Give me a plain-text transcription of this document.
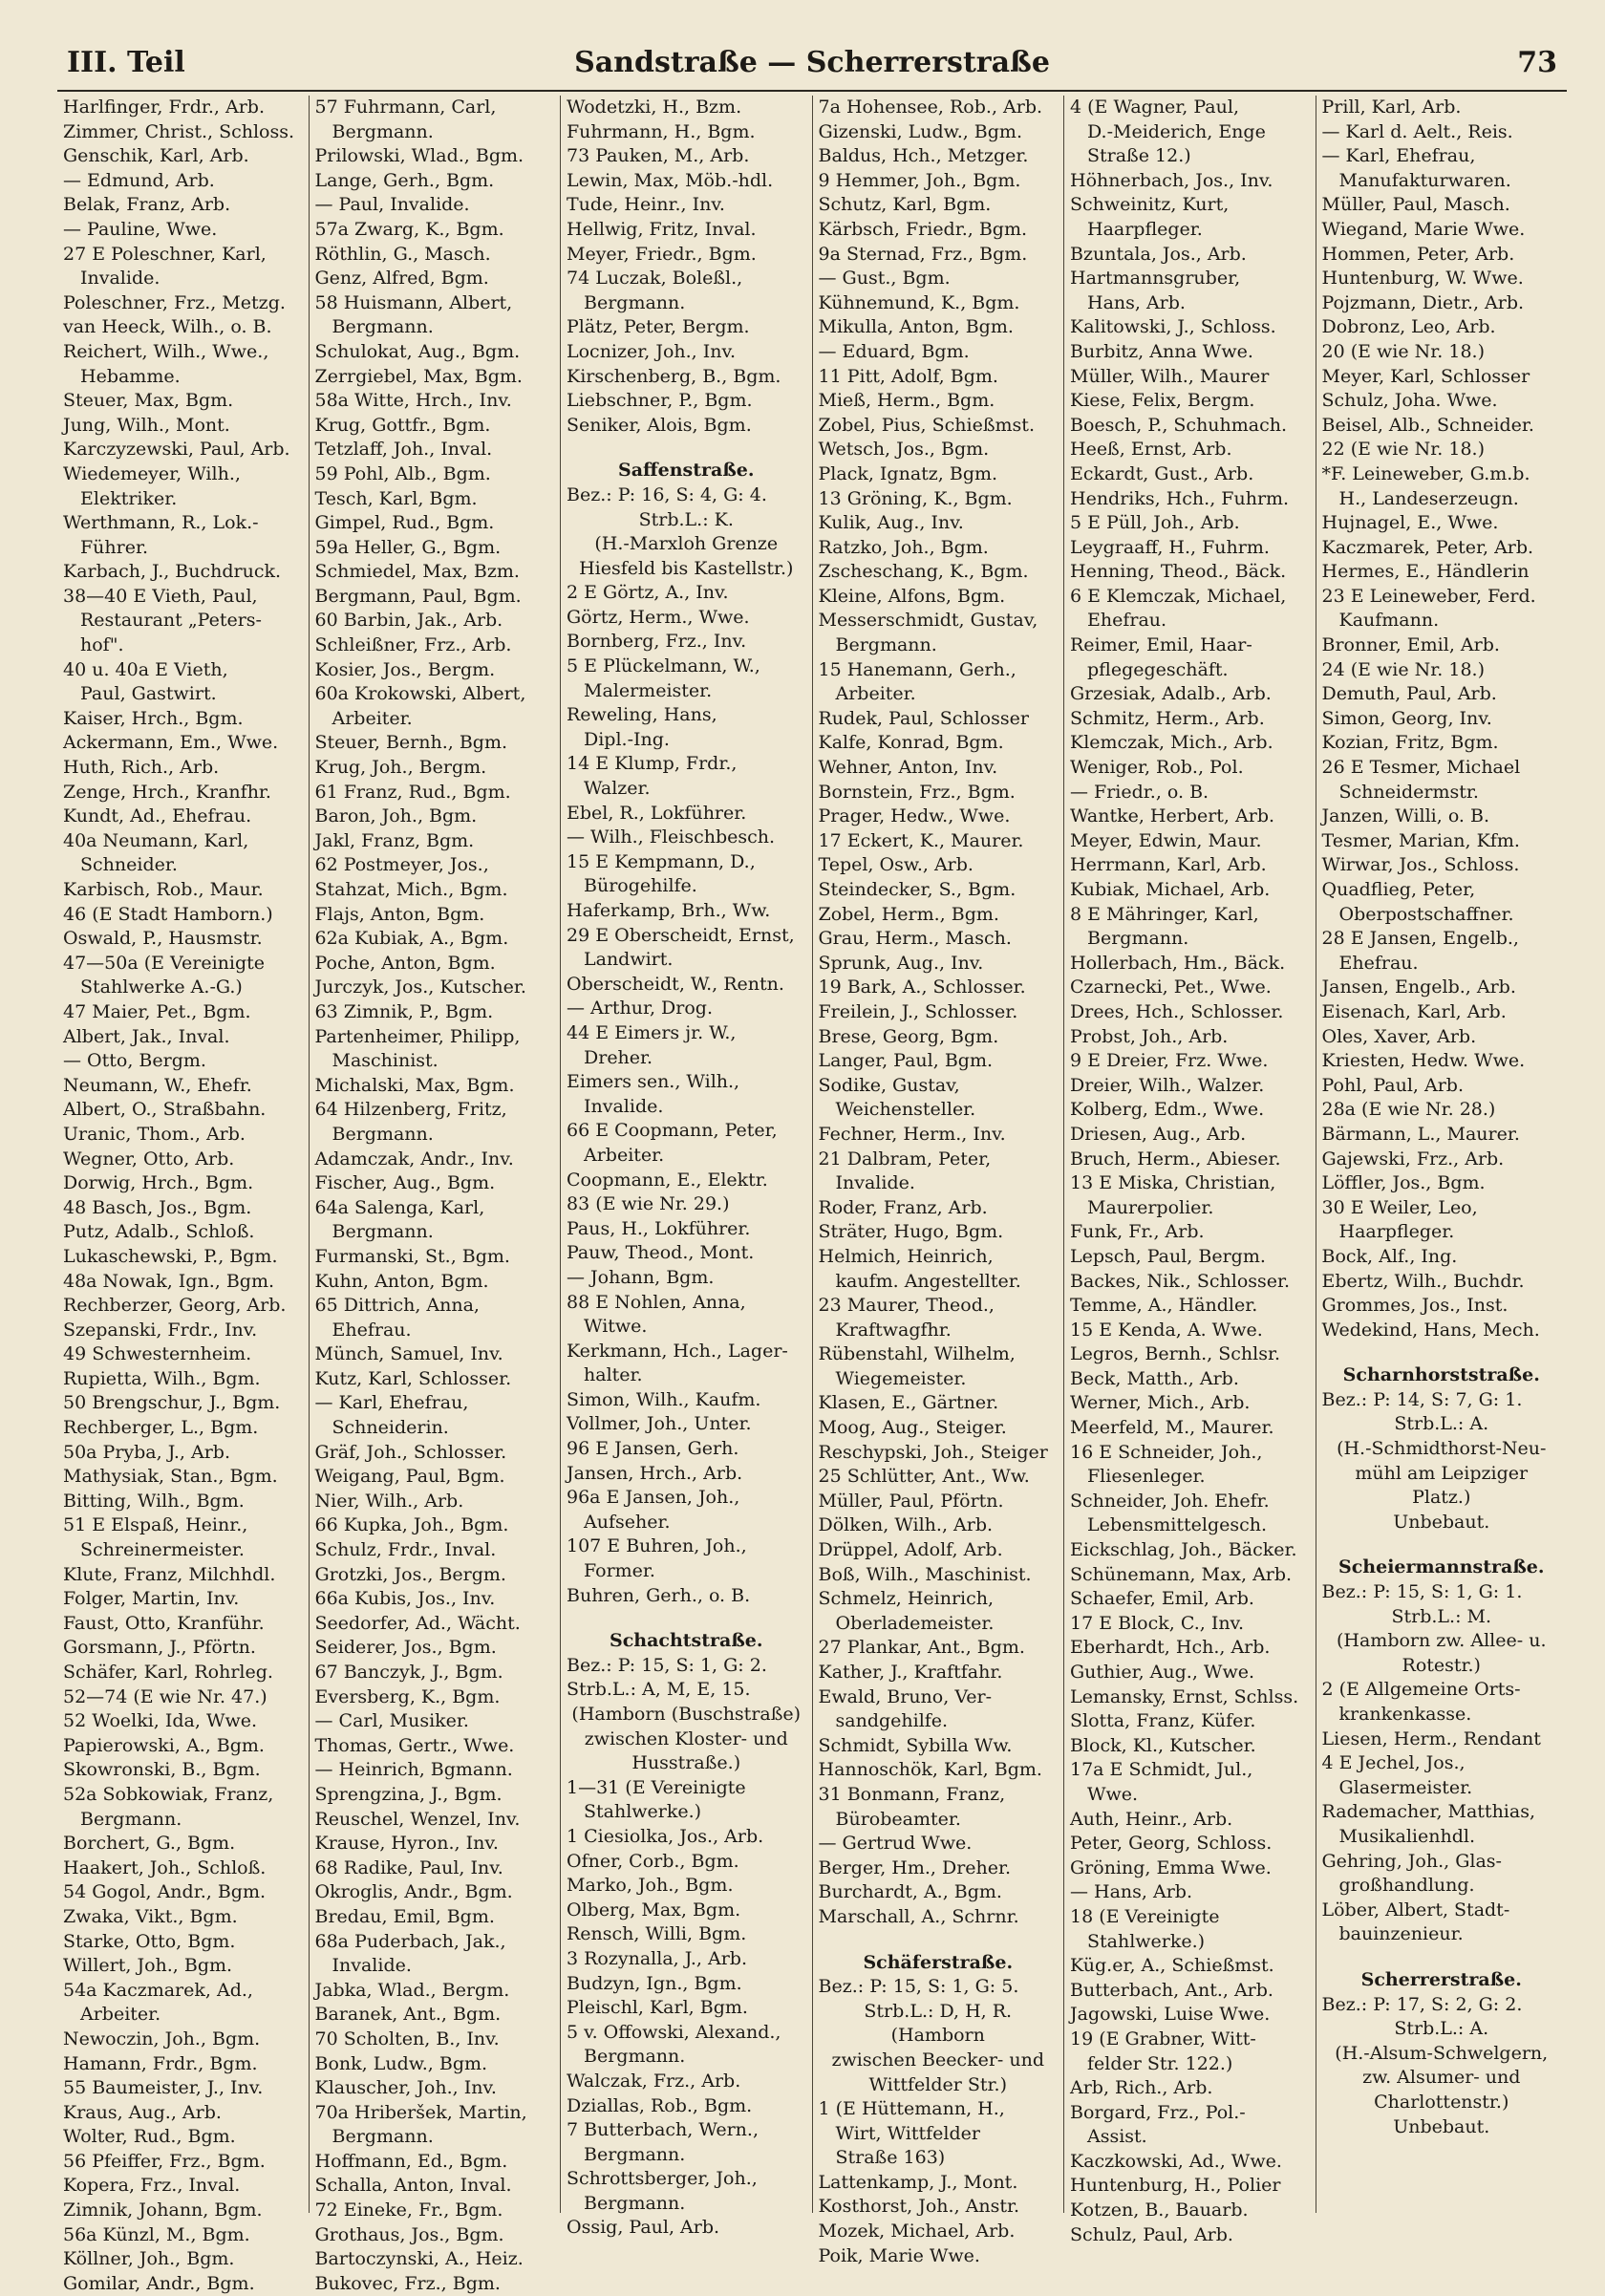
III. Teil	Sandstraße — Scherrerstraße	73
Harlfinger, Frdr., Arb.
Zimmer, Christ., Schloss.
Genschik, Karl, Arb.
— Edmund, Arb.
Belak, Franz, Arb.
— Pauline, Wwe.
27 E Poleschner, Karl,
Invalide.
Poleschner, Frz., Metzg.
van Heeck, Wilh., o. B.
Reichert, Wilh., Wwe.,
Hebamme.
Steuer, Max, Bgm.
Jung, Wilh., Mont.
Karczyzewski, Paul, Arb.
Wiedemeyer, Wilh.,
Elektriker.
Werthmann, R., Lok.-
Führer.
Karbach, J., Buchdruck.
38—40 E Vieth, Paul,
Restaurant „Peters-
hof".
40 u. 40a E Vieth,
Paul, Gastwirt.
Kaiser, Hrch., Bgm.
Ackermann, Em., Wwe.
Huth, Rich., Arb.
Zenge, Hrch., Kranfhr.
Kundt, Ad., Ehefrau.
40a Neumann, Karl,
Schneider.
Karbisch, Rob., Maur.
46 (E Stadt Hamborn.)
Oswald, P., Hausmstr.
47—50a (E Vereinigte
Stahlwerke A.-G.)
47 Maier, Pet., Bgm.
Albert, Jak., Inval.
— Otto, Bergm.
Neumann, W., Ehefr.
Albert, O., Straßbahn.
Uranic, Thom., Arb.
Wegner, Otto, Arb.
Dorwig, Hrch., Bgm.
48 Basch, Jos., Bgm.
Putz, Adalb., Schloß.
Lukaschewski, P., Bgm.
48a Nowak, Ign., Bgm.
Rechberzer, Georg, Arb.
Szepanski, Frdr., Inv.
49 Schwesternheim.
Rupietta, Wilh., Bgm.
50 Brengschur, J., Bgm.
Rechberger, L., Bgm.
50a Pryba, J., Arb.
Mathysiak, Stan., Bgm.
Bitting, Wilh., Bgm.
51 E Elspaß, Heinr.,
Schreinermeister.
Klute, Franz, Milchhdl.
Folger, Martin, Inv.
Faust, Otto, Kranführ.
Gorsmann, J., Pförtn.
Schäfer, Karl, Rohrleg.
52—74 (E wie Nr. 47.)
52 Woelki, Ida, Wwe.
Papierowski, A., Bgm.
Skowronski, B., Bgm.
52a Sobkowiak, Franz,
Bergmann.
Borchert, G., Bgm.
Haakert, Joh., Schloß.
54 Gogol, Andr., Bgm.
Zwaka, Vikt., Bgm.
Starke, Otto, Bgm.
Willert, Joh., Bgm.
54a Kaczmarek, Ad.,
Arbeiter.
Newoczin, Joh., Bgm.
Hamann, Frdr., Bgm.
55 Baumeister, J., Inv.
Kraus, Aug., Arb.
Wolter, Rud., Bgm.
56 Pfeiffer, Frz., Bgm.
Kopera, Frz., Inval.
Zimnik, Johann, Bgm.
56a Künzl, M., Bgm.
Köllner, Joh., Bgm.
Gomilar, Andr., Bgm.
57 Fuhrmann, Carl,
Bergmann.
Prilowski, Wlad., Bgm.
Lange, Gerh., Bgm.
— Paul, Invalide.
57a Zwarg, K., Bgm.
Röthlin, G., Masch.
Genz, Alfred, Bgm.
58 Huismann, Albert,
Bergmann.
Schulokat, Aug., Bgm.
Zerrgiebel, Max, Bgm.
58a Witte, Hrch., Inv.
Krug, Gottfr., Bgm.
Tetzlaff, Joh., Inval.
59 Pohl, Alb., Bgm.
Tesch, Karl, Bgm.
Gimpel, Rud., Bgm.
59a Heller, G., Bgm.
Schmiedel, Max, Bzm.
Bergmann, Paul, Bgm.
60 Barbin, Jak., Arb.
Schleißner, Frz., Arb.
Kosier, Jos., Bergm.
60a Krokowski, Albert,
Arbeiter.
Steuer, Bernh., Bgm.
Krug, Joh., Bergm.
61 Franz, Rud., Bgm.
Baron, Joh., Bgm.
Jakl, Franz, Bgm.
62 Postmeyer, Jos.,
Stahzat, Mich., Bgm.
Flajs, Anton, Bgm.
62a Kubiak, A., Bgm.
Poche, Anton, Bgm.
Jurczyk, Jos., Kutscher.
63 Zimnik, P., Bgm.
Partenheimer, Philipp,
Maschinist.
Michalski, Max, Bgm.
64 Hilzenberg, Fritz,
Bergmann.
Adamczak, Andr., Inv.
Fischer, Aug., Bgm.
64a Salenga, Karl,
Bergmann.
Furmanski, St., Bgm.
Kuhn, Anton, Bgm.
65 Dittrich, Anna,
Ehefrau.
Münch, Samuel, Inv.
Kutz, Karl, Schlosser.
— Karl, Ehefrau,
Schneiderin.
Gräf, Joh., Schlosser.
Weigang, Paul, Bgm.
Nier, Wilh., Arb.
66 Kupka, Joh., Bgm.
Schulz, Frdr., Inval.
Grotzki, Jos., Bergm.
66a Kubis, Jos., Inv.
Seedorfer, Ad., Wächt.
Seiderer, Jos., Bgm.
67 Banczyk, J., Bgm.
Eversberg, K., Bgm.
— Carl, Musiker.
Thomas, Gertr., Wwe.
— Heinrich, Bgmann.
Sprengzina, J., Bgm.
Reuschel, Wenzel, Inv.
Krause, Hyron., Inv.
68 Radike, Paul, Inv.
Okroglis, Andr., Bgm.
Bredau, Emil, Bgm.
68a Puderbach, Jak.,
Invalide.
Jabka, Wlad., Bergm.
Baranek, Ant., Bgm.
70 Scholten, B., Inv.
Bonk, Ludw., Bgm.
Klauscher, Joh., Inv.
70a Hriberšek, Martin,
Bergmann.
Hoffmann, Ed., Bgm.
Schalla, Anton, Inval.
72 Eineke, Fr., Bgm.
Grothaus, Jos., Bgm.
Bartoczynski, A., Heiz.
Bukovec, Frz., Bgm.
Wodetzki, H., Bzm.
Fuhrmann, H., Bgm.
73 Pauken, M., Arb.
Lewin, Max, Möb.-hdl.
Tude, Heinr., Inv.
Hellwig, Fritz, Inval.
Meyer, Friedr., Bgm.
74 Luczak, Boleßl.,
Bergmann.
Plätz, Peter, Bergm.
Locnizer, Joh., Inv.
Kirschenberg, B., Bgm.
Liebschner, P., Bgm.
Seniker, Alois, Bgm.
Saffenstraße.
Bez.: P: 16, S: 4, G: 4.
Strb.L.: K.
(H.-Marxloh Grenze
Hiesfeld bis Kastellstr.)
2 E Görtz, A., Inv.
Görtz, Herm., Wwe.
Bornberg, Frz., Inv.
5 E Plückelmann, W.,
Malermeister.
Reweling, Hans,
Dipl.-Ing.
14 E Klump, Frdr.,
Walzer.
Ebel, R., Lokführer.
— Wilh., Fleischbesch.
15 E Kempmann, D.,
Bürogehilfe.
Haferkamp, Brh., Ww.
29 E Oberscheidt, Ernst,
Landwirt.
Oberscheidt, W., Rentn.
— Arthur, Drog.
44 E Eimers jr. W.,
Dreher.
Eimers sen., Wilh.,
Invalide.
66 E Coopmann, Peter,
Arbeiter.
Coopmann, E., Elektr.
83 (E wie Nr. 29.)
Paus, H., Lokführer.
Pauw, Theod., Mont.
— Johann, Bgm.
88 E Nohlen, Anna,
Witwe.
Kerkmann, Hch., Lager-
halter.
Simon, Wilh., Kaufm.
Vollmer, Joh., Unter.
96 E Jansen, Gerh.
Jansen, Hrch., Arb.
96a E Jansen, Joh.,
Aufseher.
107 E Buhren, Joh.,
Former.
Buhren, Gerh., o. B.
Schachtstraße.
Bez.: P: 15, S: 1, G: 2.
Strb.L.: A, M, E, 15.
(Hamborn (Buschstraße)
zwischen Kloster- und
Husstraße.)
1—31 (E Vereinigte
Stahlwerke.)
1 Ciesiolka, Jos., Arb.
Ofner, Corb., Bgm.
Marko, Joh., Bgm.
Olberg, Max, Bgm.
Rensch, Willi, Bgm.
3 Rozynalla, J., Arb.
Budzyn, Ign., Bgm.
Pleischl, Karl, Bgm.
5 v. Offowski, Alexand.,
Bergmann.
Walczak, Frz., Arb.
Dziallas, Rob., Bgm.
7 Butterbach, Wern.,
Bergmann.
Schrottsberger, Joh.,
Bergmann.
Ossig, Paul, Arb.
7a Hohensee, Rob., Arb.
Gizenski, Ludw., Bgm.
Baldus, Hch., Metzger.
9 Hemmer, Joh., Bgm.
Schutz, Karl, Bgm.
Kärbsch, Friedr., Bgm.
9a Sternad, Frz., Bgm.
— Gust., Bgm.
Kühnemund, K., Bgm.
Mikulla, Anton, Bgm.
— Eduard, Bgm.
11 Pitt, Adolf, Bgm.
Mieß, Herm., Bgm.
Zobel, Pius, Schießmst.
Wetsch, Jos., Bgm.
Plack, Ignatz, Bgm.
13 Gröning, K., Bgm.
Kulik, Aug., Inv.
Ratzko, Joh., Bgm.
Zscheschang, K., Bgm.
Kleine, Alfons, Bgm.
Messerschmidt, Gustav,
Bergmann.
15 Hanemann, Gerh.,
Arbeiter.
Rudek, Paul, Schlosser
Kalfe, Konrad, Bgm.
Wehner, Anton, Inv.
Bornstein, Frz., Bgm.
Prager, Hedw., Wwe.
17 Eckert, K., Maurer.
Tepel, Osw., Arb.
Steindecker, S., Bgm.
Zobel, Herm., Bgm.
Grau, Herm., Masch.
Sprunk, Aug., Inv.
19 Bark, A., Schlosser.
Freilein, J., Schlosser.
Brese, Georg, Bgm.
Langer, Paul, Bgm.
Sodike, Gustav,
Weichensteller.
Fechner, Herm., Inv.
21 Dalbram, Peter,
Invalide.
Roder, Franz, Arb.
Sträter, Hugo, Bgm.
Helmich, Heinrich,
kaufm. Angestellter.
23 Maurer, Theod.,
Kraftwagfhr.
Rübenstahl, Wilhelm,
Wiegemeister.
Klasen, E., Gärtner.
Moog, Aug., Steiger.
Reschypski, Joh., Steiger
25 Schlütter, Ant., Ww.
Müller, Paul, Pförtn.
Dölken, Wilh., Arb.
Drüppel, Adolf, Arb.
Boß, Wilh., Maschinist.
Schmelz, Heinrich,
Oberlademeister.
27 Plankar, Ant., Bgm.
Kather, J., Kraftfahr.
Ewald, Bruno, Ver-
sandgehilfe.
Schmidt, Sybilla Ww.
Hannoschök, Karl, Bgm.
31 Bonmann, Franz,
Bürobeamter.
— Gertrud Wwe.
Berger, Hm., Dreher.
Burchardt, A., Bgm.
Marschall, A., Schrnr.
Schäferstraße.
Bez.: P: 15, S: 1, G: 5.
Strb.L.: D, H, R.
(Hamborn
zwischen Beecker- und
Wittfelder Str.)
1 (E Hüttemann, H.,
Wirt, Wittfelder
Straße 163)
Lattenkamp, J., Mont.
Kosthorst, Joh., Anstr.
Mozek, Michael, Arb.
Poik, Marie Wwe.
4 (E Wagner, Paul,
D.-Meiderich, Enge
Straße 12.)
Höhnerbach, Jos., Inv.
Schweinitz, Kurt,
Haarpfleger.
Bzuntala, Jos., Arb.
Hartmannsgruber,
Hans, Arb.
Kalitowski, J., Schloss.
Burbitz, Anna Wwe.
Müller, Wilh., Maurer
Kiese, Felix, Bergm.
Boesch, P., Schuhmach.
Heeß, Ernst, Arb.
Eckardt, Gust., Arb.
Hendriks, Hch., Fuhrm.
5 E Püll, Joh., Arb.
Leygraaff, H., Fuhrm.
Henning, Theod., Bäck.
6 E Klemczak, Michael,
Ehefrau.
Reimer, Emil, Haar-
pflegegeschäft.
Grzesiak, Adalb., Arb.
Schmitz, Herm., Arb.
Klemczak, Mich., Arb.
Weniger, Rob., Pol.
— Friedr., o. B.
Wantke, Herbert, Arb.
Meyer, Edwin, Maur.
Herrmann, Karl, Arb.
Kubiak, Michael, Arb.
8 E Mähringer, Karl,
Bergmann.
Hollerbach, Hm., Bäck.
Czarnecki, Pet., Wwe.
Drees, Hch., Schlosser.
Probst, Joh., Arb.
9 E Dreier, Frz. Wwe.
Dreier, Wilh., Walzer.
Kolberg, Edm., Wwe.
Driesen, Aug., Arb.
Bruch, Herm., Abieser.
13 E Miska, Christian,
Maurerpolier.
Funk, Fr., Arb.
Lepsch, Paul, Bergm.
Backes, Nik., Schlosser.
Temme, A., Händler.
15 E Kenda, A. Wwe.
Legros, Bernh., Schlsr.
Beck, Matth., Arb.
Werner, Mich., Arb.
Meerfeld, M., Maurer.
16 E Schneider, Joh.,
Fliesenleger.
Schneider, Joh. Ehefr.
Lebensmittelgesch.
Eickschlag, Joh., Bäcker.
Schünemann, Max, Arb.
Schaefer, Emil, Arb.
17 E Block, C., Inv.
Eberhardt, Hch., Arb.
Guthier, Aug., Wwe.
Lemansky, Ernst, Schlss.
Slotta, Franz, Küfer.
Block, Kl., Kutscher.
17a E Schmidt, Jul.,
Wwe.
Auth, Heinr., Arb.
Peter, Georg, Schloss.
Gröning, Emma Wwe.
— Hans, Arb.
18 (E Vereinigte
Stahlwerke.)
Küg.er, A., Schießmst.
Butterbach, Ant., Arb.
Jagowski, Luise Wwe.
19 (E Grabner, Witt-
felder Str. 122.)
Arb, Rich., Arb.
Borgard, Frz., Pol.-
Assist.
Kaczkowski, Ad., Wwe.
Huntenburg, H., Polier
Kotzen, B., Bauarb.
Schulz, Paul, Arb.
Prill, Karl, Arb.
— Karl d. Aelt., Reis.
— Karl, Ehefrau,
Manufakturwaren.
Müller, Paul, Masch.
Wiegand, Marie Wwe.
Hommen, Peter, Arb.
Huntenburg, W. Wwe.
Pojzmann, Dietr., Arb.
Dobronz, Leo, Arb.
20 (E wie Nr. 18.)
Meyer, Karl, Schlosser
Schulz, Joha. Wwe.
Beisel, Alb., Schneider.
22 (E wie Nr. 18.)
*F. Leineweber, G.m.b.
H., Landeserzeugn.
Hujnagel, E., Wwe.
Kaczmarek, Peter, Arb.
Hermes, E., Händlerin
23 E Leineweber, Ferd.
Kaufmann.
Bronner, Emil, Arb.
24 (E wie Nr. 18.)
Demuth, Paul, Arb.
Simon, Georg, Inv.
Kozian, Fritz, Bgm.
26 E Tesmer, Michael
Schneidermstr.
Janzen, Willi, o. B.
Tesmer, Marian, Kfm.
Wirwar, Jos., Schloss.
Quadflieg, Peter,
Oberpostschaffner.
28 E Jansen, Engelb.,
Ehefrau.
Jansen, Engelb., Arb.
Eisenach, Karl, Arb.
Oles, Xaver, Arb.
Kriesten, Hedw. Wwe.
Pohl, Paul, Arb.
28a (E wie Nr. 28.)
Bärmann, L., Maurer.
Gajewski, Frz., Arb.
Löffler, Jos., Bgm.
30 E Weiler, Leo,
Haarpfleger.
Bock, Alf., Ing.
Ebertz, Wilh., Buchdr.
Grommes, Jos., Inst.
Wedekind, Hans, Mech.
Scharnhorststraße.
Bez.: P: 14, S: 7, G: 1.
Strb.L.: A.
(H.-Schmidthorst-Neu-
mühl am Leipziger
Platz.)
Unbebaut.
Scheiermannstraße.
Bez.: P: 15, S: 1, G: 1.
Strb.L.: M.
(Hamborn zw. Allee- u.
Rotestr.)
2 (E Allgemeine Orts-
krankenkasse.
Liesen, Herm., Rendant
4 E Jechel, Jos.,
Glasermeister.
Rademacher, Matthias,
Musikalienhdl.
Gehring, Joh., Glas-
großhandlung.
Löber, Albert, Stadt-
bauinzenieur.
Scherrerstraße.
Bez.: P: 17, S: 2, G: 2.
Strb.L.: A.
(H.-Alsum-Schwelgern,
zw. Alsumer- und
Charlottenstr.)
Unbebaut.
